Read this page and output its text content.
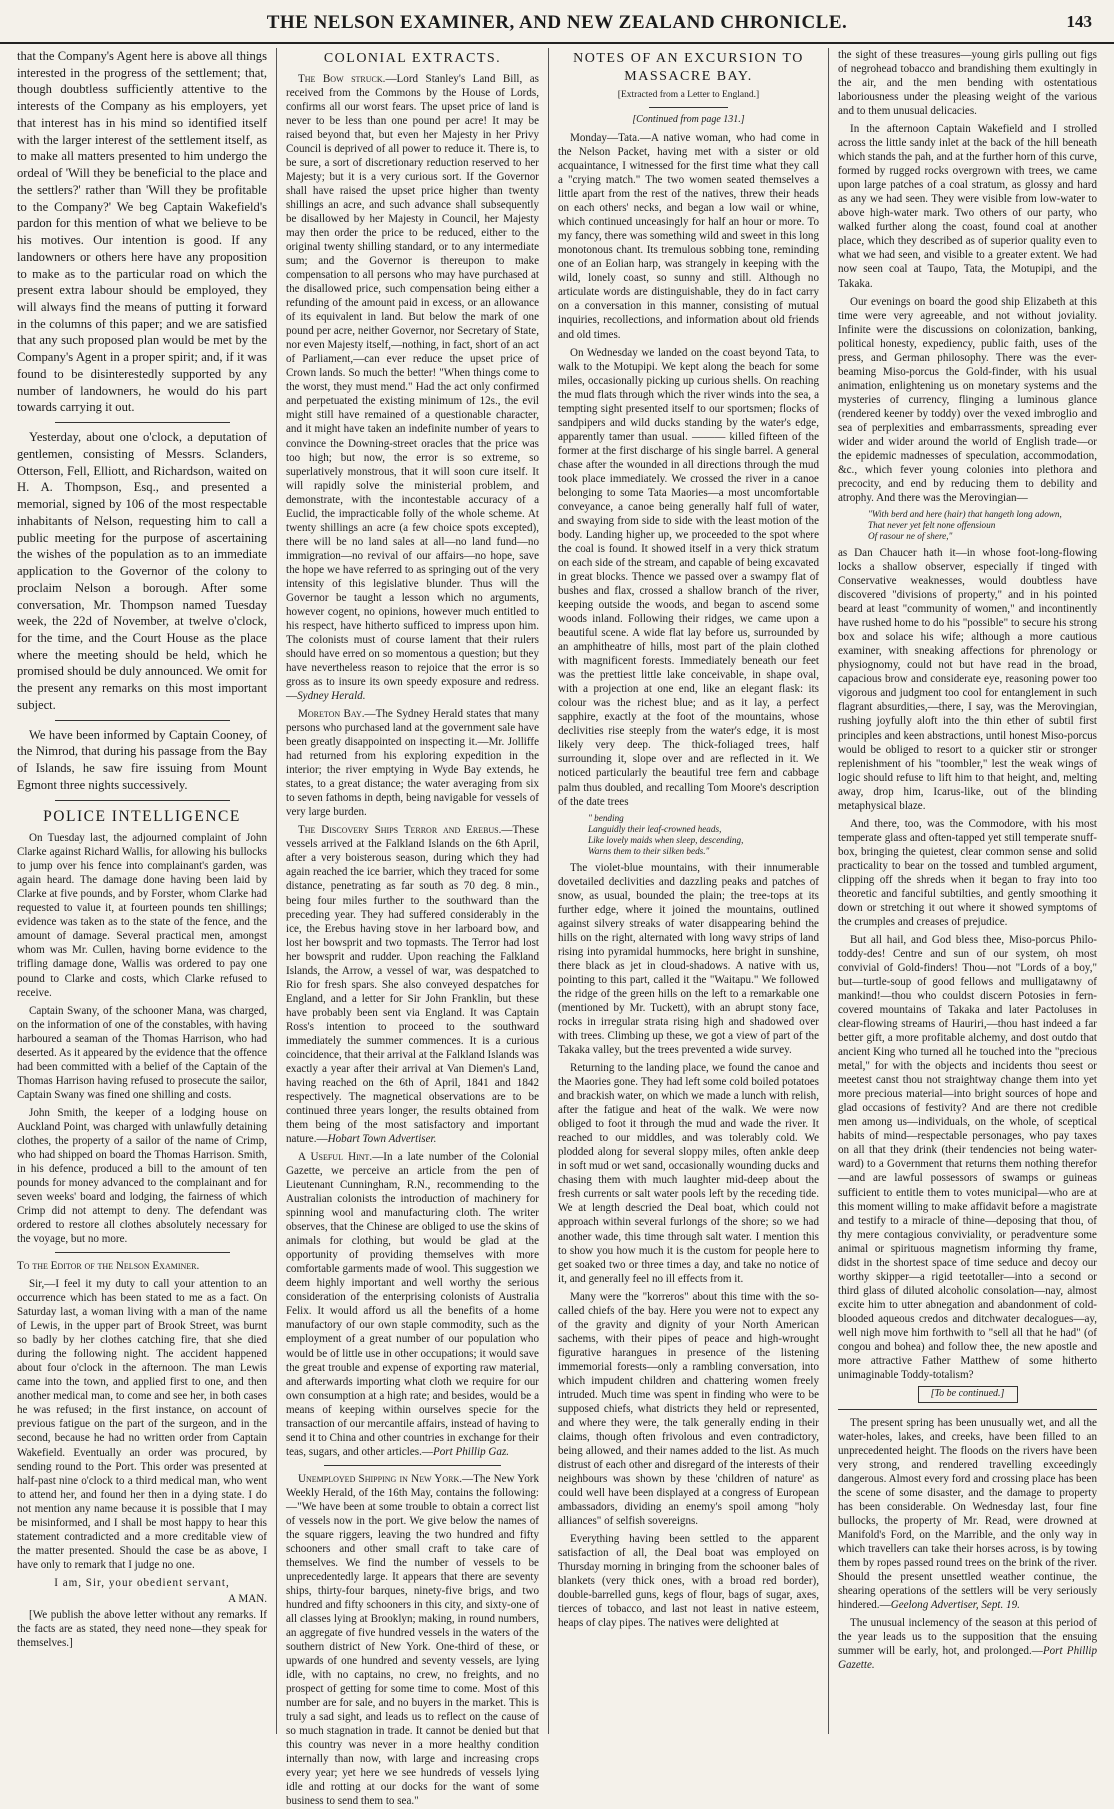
THE NELSON EXAMINER, AND NEW ZEALAND CHRONICLE.	143

that the Company's Agent here is above all things interested in the progress of the settlement; that, though doubtless sufficiently attentive to the interests of the Company as his employers, yet that interest has in his mind so identified itself with the larger interest of the settlement itself, as to make all matters presented to him undergo the ordeal of 'Will they be beneficial to the place and the settlers?' rather than 'Will they be profitable to the Company?' We beg Captain Wakefield's pardon for this mention of what we believe to be his motives. Our intention is good. If any landowners or others here have any proposition to make as to the particular road on which the present extra labour should be employed, they will always find the means of putting it forward in the columns of this paper; and we are satisfied that any such proposed plan would be met by the Company's Agent in a proper spirit; and, if it was found to be disinterestedly supported by any number of landowners, he would do his part towards carrying it out.

Yesterday, about one o'clock, a deputation of gentlemen, consisting of Messrs. Sclanders, Otterson, Fell, Elliott, and Richardson, waited on H. A. Thompson, Esq., and presented a memorial, signed by 106 of the most respectable inhabitants of Nelson, requesting him to call a public meeting for the purpose of ascertaining the wishes of the population as to an immediate application to the Governor of the colony to proclaim Nelson a borough. After some conversation, Mr. Thompson named Tuesday week, the 22d of November, at twelve o'clock, for the time, and the Court House as the place where the meeting should be held, which he promised should be duly announced. We omit for the present any remarks on this most important subject.

We have been informed by Captain Cooney, of the Nimrod, that during his passage from the Bay of Islands, he saw fire issuing from Mount Egmont three nights successively.

POLICE INTELLIGENCE

On Tuesday last, the adjourned complaint of John Clarke against Richard Wallis, for allowing his bullocks to jump over his fence into complainant's garden, was again heard. The damage done having been laid by Clarke at five pounds, and by Forster, whom Clarke had requested to value it, at fourteen pounds ten shillings; evidence was taken as to the state of the fence, and the amount of damage. Several practical men, amongst whom was Mr. Cullen, having borne evidence to the trifling damage done, Wallis was ordered to pay one pound to Clarke and costs, which Clarke refused to receive.

Captain Swany, of the schooner Mana, was charged, on the information of one of the constables, with having harboured a seaman of the Thomas Harrison, who had deserted. As it appeared by the evidence that the offence had been committed with a belief of the Captain of the Thomas Harrison having refused to prosecute the sailor, Captain Swany was fined one shilling and costs.

John Smith, the keeper of a lodging house on Auckland Point, was charged with unlawfully detaining clothes, the property of a sailor of the name of Crimp, who had shipped on board the Thomas Harrison. Smith, in his defence, produced a bill to the amount of ten pounds for money advanced to the complainant and for seven weeks' board and lodging, the fairness of which Crimp did not attempt to deny. The defendant was ordered to restore all clothes absolutely necessary for the voyage, but no more.

To the Editor of the Nelson Examiner.

Sir,—I feel it my duty to call your attention to an occurrence which has been stated to me as a fact. On Saturday last, a woman living with a man of the name of Lewis, in the upper part of Brook Street, was burnt so badly by her clothes catching fire, that she died during the following night. The accident happened about four o'clock in the afternoon. The man Lewis came into the town, and applied first to one, and then another medical man, to come and see her, in both cases he was refused; in the first instance, on account of previous fatigue on the part of the surgeon, and in the second, because he had no written order from Captain Wakefield. Eventually an order was procured, by sending round to the Port. This order was presented at half-past nine o'clock to a third medical man, who went to attend her, and found her then in a dying state. I do not mention any name because it is possible that I may be misinformed, and I shall be most happy to hear this statement contradicted and a more creditable view of the matter presented. Should the case be as above, I have only to remark that I judge no one.

I am, Sir, your obedient servant,
A MAN.

[We publish the above letter without any remarks. If the facts are as stated, they need none—they speak for themselves.]

COLONIAL EXTRACTS.

The Bow struck.—Lord Stanley's Land Bill, as received from the Commons by the House of Lords, confirms all our worst fears. The upset price of land is never to be less than one pound per acre! It may be raised beyond that, but even her Majesty in her Privy Council is deprived of all power to reduce it. There is, to be sure, a sort of discretionary reduction reserved to her Majesty; but it is a very curious sort. If the Governor shall have raised the upset price higher than twenty shillings an acre, and such advance shall subsequently be disallowed by her Majesty in Council, her Majesty may then order the price to be reduced, either to the original twenty shilling standard, or to any intermediate sum; and the Governor is thereupon to make compensation to all persons who may have purchased at the disallowed price, such compensation being either a refunding of the amount paid in excess, or an allowance of its equivalent in land. But below the mark of one pound per acre, neither Governor, nor Secretary of State, nor even Majesty itself,—nothing, in fact, short of an act of Parliament,—can ever reduce the upset price of Crown lands. So much the better! "When things come to the worst, they must mend." Had the act only confirmed and perpetuated the existing minimum of 12s., the evil might still have remained of a questionable character, and it might have taken an indefinite number of years to convince the Downing-street oracles that the price was too high; but now, the error is so extreme, so superlatively monstrous, that it will soon cure itself. It will rapidly solve the ministerial problem, and demonstrate, with the incontestable accuracy of a Euclid, the impracticable folly of the whole scheme. At twenty shillings an acre (a few choice spots excepted), there will be no land sales at all—no land fund—no immigration—no revival of our affairs—no hope, save the hope we have referred to as springing out of the very intensity of this legislative blunder. Thus will the Governor be taught a lesson which no arguments, however cogent, no opinions, however much entitled to his respect, have hitherto sufficed to impress upon him. The colonists must of course lament that their rulers should have erred on so momentous a question; but they have nevertheless reason to rejoice that the error is so gross as to insure its own speedy exposure and redress.—Sydney Herald.

Moreton Bay.—The Sydney Herald states that many persons who purchased land at the government sale have been greatly disappointed on inspecting it.—Mr. Jolliffe had returned from his exploring expedition in the interior; the river emptying in Wyde Bay extends, he states, to a great distance; the water averaging from six to seven fathoms in depth, being navigable for vessels of very large burden.

The Discovery Ships Terror and Erebus.—These vessels arrived at the Falkland Islands on the 6th April, after a very boisterous season, during which they had again reached the ice barrier, which they traced for some distance, penetrating as far south as 70 deg. 8 min., being four miles further to the southward than the preceding year. They had suffered considerably in the ice, the Erebus having stove in her larboard bow, and lost her bowsprit and two topmasts. The Terror had lost her bowsprit and rudder. Upon reaching the Falkland Islands, the Arrow, a vessel of war, was despatched to Rio for fresh spars. She also conveyed despatches for England, and a letter for Sir John Franklin, but these have probably been sent via England. It was Captain Ross's intention to proceed to the southward immediately the summer commences. It is a curious coincidence, that their arrival at the Falkland Islands was exactly a year after their arrival at Van Diemen's Land, having reached on the 6th of April, 1841 and 1842 respectively. The magnetical observations are to be continued three years longer, the results obtained from them being of the most satisfactory and important nature.—Hobart Town Advertiser.

A Useful Hint.—In a late number of the Colonial Gazette, we perceive an article from the pen of Lieutenant Cunningham, R.N., recommending to the Australian colonists the introduction of machinery for spinning wool and manufacturing cloth. The writer observes, that the Chinese are obliged to use the skins of animals for clothing, but would be glad at the opportunity of providing themselves with more comfortable garments made of wool. This suggestion we deem highly important and well worthy the serious consideration of the enterprising colonists of Australia Felix. It would afford us all the benefits of a home manufactory of our own staple commodity, such as the employment of a great number of our population who would be of little use in other occupations; it would save the great trouble and expense of exporting raw material, and afterwards importing what cloth we require for our own consumption at a high rate; and besides, would be a means of keeping within ourselves specie for the transaction of our mercantile affairs, instead of having to send it to China and other countries in exchange for their teas, sugars, and other articles.—Port Phillip Gaz.

Unemployed Shipping in New York.—The New York Weekly Herald, of the 16th May, contains the following:—"We have been at some trouble to obtain a correct list of vessels now in the port. We give below the names of the square riggers, leaving the two hundred and fifty schooners and other small craft to take care of themselves. We find the number of vessels to be unprecedentedly large. It appears that there are seventy ships, thirty-four barques, ninety-five brigs, and two hundred and fifty schooners in this city, and sixty-one of all classes lying at Brooklyn; making, in round numbers, an aggregate of five hundred vessels in the waters of the southern district of New York. One-third of these, or upwards of one hundred and seventy vessels, are lying idle, with no captains, no crew, no freights, and no prospect of getting for some time to come. Most of this number are for sale, and no buyers in the market. This is truly a sad sight, and leads us to reflect on the cause of so much stagnation in trade. It cannot be denied but that this country was never in a more healthy condition internally than now, with large and increasing crops every year; yet here we see hundreds of vessels lying idle and rotting at our docks for the want of some business to send them to sea."

NOTES OF AN EXCURSION TO MASSACRE BAY.
[Extracted from a Letter to England.]
[Continued from page 131.]

Monday—Tata.—A native woman, who had come in the Nelson Packet, having met with a sister or old acquaintance, I witnessed for the first time what they call a "crying match." The two women seated themselves a little apart from the rest of the natives, threw their heads on each others' necks, and began a low wail or whine, which continued unceasingly for half an hour or more. To my fancy, there was something wild and sweet in this long monotonous chant. Its tremulous sobbing tone, reminding one of an Eolian harp, was strangely in keeping with the wild, lonely coast, so sunny and still. Although no articulate words are distinguishable, they do in fact carry on a conversation in this manner, consisting of mutual inquiries, recollections, and information about old friends and old times.

On Wednesday we landed on the coast beyond Tata, to walk to the Motupipi. We kept along the beach for some miles, occasionally picking up curious shells. On reaching the mud flats through which the river winds into the sea, a tempting sight presented itself to our sportsmen; flocks of sandpipers and wild ducks standing by the water's edge, apparently tamer than usual. ——— killed fifteen of the former at the first discharge of his single barrel. A general chase after the wounded in all directions through the mud took place immediately. We crossed the river in a canoe belonging to some Tata Maories—a most uncomfortable conveyance, a canoe being generally half full of water, and swaying from side to side with the least motion of the body. Landing higher up, we proceeded to the spot where the coal is found. It showed itself in a very thick stratum on each side of the stream, and capable of being excavated in great blocks. Thence we passed over a swampy flat of bushes and flax, crossed a shallow branch of the river, keeping outside the woods, and began to ascend some woods inland. Following their ridges, we came upon a beautiful scene. A wide flat lay before us, surrounded by an amphitheatre of hills, most part of the plain clothed with magnificent forests. Immediately beneath our feet was the prettiest little lake conceivable, in shape oval, with a projection at one end, like an elegant flask: its colour was the richest blue; and as it lay, a perfect sapphire, exactly at the foot of the mountains, whose declivities rise steeply from the water's edge, it is most likely very deep. The thick-foliaged trees, half surrounding it, slope over and are reflected in it. We noticed particularly the beautiful tree fern and cabbage palm thus doubled, and recalling Tom Moore's description of the date trees

" bending
Languidly their leaf-crowned heads,
Like lovely maids when sleep, descending,
Warns them to their silken beds."

The violet-blue mountains, with their innumerable dovetailed declivities and dazzling peaks and patches of snow, as usual, bounded the plain; the tree-tops at its further edge, where it joined the mountains, outlined against silvery streaks of water disappearing behind the hills on the right, alternated with long wavy strips of land rising into pyramidal hummocks, here bright in sunshine, there black as jet in cloud-shadows. A native with us, pointing to this part, called it the "Waitapu." We followed the ridge of the green hills on the left to a remarkable one (mentioned by Mr. Tuckett), with an abrupt stony face, rocks in irregular strata rising high and shadowed over with trees. Climbing up these, we got a view of part of the Takaka valley, but the trees prevented a wide survey.

Returning to the landing place, we found the canoe and the Maories gone. They had left some cold boiled potatoes and brackish water, on which we made a lunch with relish, after the fatigue and heat of the walk. We were now obliged to foot it through the mud and wade the river. It reached to our middles, and was tolerably cold. We plodded along for several sloppy miles, often ankle deep in soft mud or wet sand, occasionally wounding ducks and chasing them with much laughter mid-deep about the fresh currents or salt water pools left by the receding tide. We at length descried the Deal boat, which could not approach within several furlongs of the shore; so we had another wade, this time through salt water. I mention this to show you how much it is the custom for people here to get soaked two or three times a day, and take no notice of it, and generally feel no ill effects from it.

Many were the "korreros" about this time with the so-called chiefs of the bay. Here you were not to expect any of the gravity and dignity of your North American sachems, with their pipes of peace and high-wrought figurative harangues in presence of the listening immemorial forests—only a rambling conversation, into which impudent children and chattering women freely intruded. Much time was spent in finding who were to be supposed chiefs, what districts they held or represented, and where they were, the talk generally ending in their claims, though often frivolous and even contradictory, being allowed, and their names added to the list. As much distrust of each other and disregard of the interests of their neighbours was shown by these 'children of nature' as could well have been displayed at a congress of European ambassadors, dividing an enemy's spoil among "holy alliances" of selfish sovereigns.

Everything having been settled to the apparent satisfaction of all, the Deal boat was employed on Thursday morning in bringing from the schooner bales of blankets (very thick ones, with a broad red border), double-barrelled guns, kegs of flour, bags of sugar, axes, tierces of tobacco, and last not least in native esteem, heaps of clay pipes. The natives were delighted at

the sight of these treasures—young girls pulling out figs of negrohead tobacco and brandishing them exultingly in the air, and the men bending with ostentatious laboriousness under the pleasing weight of the various and to them unusual delicacies.

In the afternoon Captain Wakefield and I strolled across the little sandy inlet at the back of the hill beneath which stands the pah, and at the further horn of this curve, formed by rugged rocks overgrown with trees, we came upon large patches of a coal stratum, as glossy and hard as any we had seen. They were visible from low-water to above high-water mark. Two others of our party, who walked further along the coast, found coal at another place, which they described as of superior quality even to what we had seen, and visible to a greater extent. We had now seen coal at Taupo, Tata, the Motupipi, and the Takaka.

Our evenings on board the good ship Elizabeth at this time were very agreeable, and not without joviality. Infinite were the discussions on colonization, banking, political honesty, expediency, public faith, uses of the press, and German philosophy. There was the ever-beaming Miso-porcus the Gold-finder, with his usual animation, enlightening us on monetary systems and the mysteries of currency, flinging a luminous glance (rendered keener by toddy) over the vexed imbroglio and sea of perplexities and embarrassments, spreading ever wider and wider around the world of English trade—or the epidemic madnesses of speculation, accommodation, &c., which fever young colonies into plethora and precocity, and end by reducing them to debility and atrophy. And there was the Merovingian—

"With berd and here (hair) that hangeth long adown,
That never yet felt none offensioun
Of rasour ne of shere,"

as Dan Chaucer hath it—in whose foot-long-flowing locks a shallow observer, especially if tinged with Conservative weaknesses, would doubtless have discovered "divisions of property," and in his pointed beard at least "community of women," and incontinently have rushed home to do his "possible" to secure his strong box and solace his wife; although a more cautious examiner, with sneaking affections for phrenology or physiognomy, could not but have read in the broad, capacious brow and considerate eye, reasoning power too vigorous and judgment too cool for entanglement in such flagrant absurdities,—there, I say, was the Merovingian, rushing joyfully aloft into the thin ether of subtil first principles and keen abstractions, until honest Miso-porcus would be obliged to resort to a quicker stir or stronger replenishment of his "toombler," lest the weak wings of logic should refuse to lift him to that height, and, melting away, drop him, Icarus-like, out of the blinding metaphysical blaze.

And there, too, was the Commodore, with his most temperate glass and often-tapped yet still temperate snuff-box, bringing the quietest, clear common sense and solid practicality to bear on the tossed and tumbled argument, clipping off the shreds when it began to fray into too theoretic and fanciful subtilties, and gently smoothing it down or stretching it out where it showed symptoms of the crumples and creases of prejudice.

But all hail, and God bless thee, Miso-porcus Philo-toddy-des! Centre and sun of our system, oh most convivial of Gold-finders! Thou—not "Lords of a boy," but—turtle-soup of good fellows and mulligatawny of mankind!—thou who couldst discern Potosies in fern-covered mountains of Takaka and later Pactoluses in clear-flowing streams of Hauriri,—thou hast indeed a far better gift, a more profitable alchemy, and dost outdo that ancient King who turned all he touched into the "precious metal," for with the objects and incidents thou seest or meetest canst thou not straightway change them into yet more precious material—into bright sources of hope and glad occasions of festivity? And are there not credible men among us—individuals, on the whole, of sceptical habits of mind—respectable personages, who pay taxes on all that they drink (their tendencies not being water-ward) to a Government that returns them nothing therefor—and are lawful possessors of swamps or guineas sufficient to entitle them to votes municipal—who are at this moment willing to make affidavit before a magistrate and testify to a miracle of thine—deposing that thou, of thy mere contagious conviviality, or peradventure some animal or spirituous magnetism informing thy frame, didst in the shortest space of time seduce and decoy our worthy skipper—a rigid teetotaller—into a second or third glass of diluted alcoholic consolation—nay, almost excite him to utter abnegation and abandonment of cold-blooded aqueous credos and ditchwater decalogues—ay, well nigh move him forthwith to "sell all that he had" (of congou and bohea) and follow thee, the new apostle and more attractive Father Matthew of some hitherto unimaginable Toddy-totalism?

[To be continued.]

The present spring has been unusually wet, and all the water-holes, lakes, and creeks, have been filled to an unprecedented height. The floods on the rivers have been very strong, and rendered travelling exceedingly dangerous. Almost every ford and crossing place has been the scene of some disaster, and the damage to property has been considerable. On Wednesday last, four fine bullocks, the property of Mr. Read, were drowned at Manifold's Ford, on the Marrible, and the only way in which travellers can take their horses across, is by towing them by ropes passed round trees on the brink of the river. Should the present unsettled weather continue, the shearing operations of the settlers will be very seriously hindered.—Geelong Advertiser, Sept. 19.

The unusual inclemency of the season at this period of the year leads us to the supposition that the ensuing summer will be early, hot, and prolonged.—Port Phillip Gazette.
